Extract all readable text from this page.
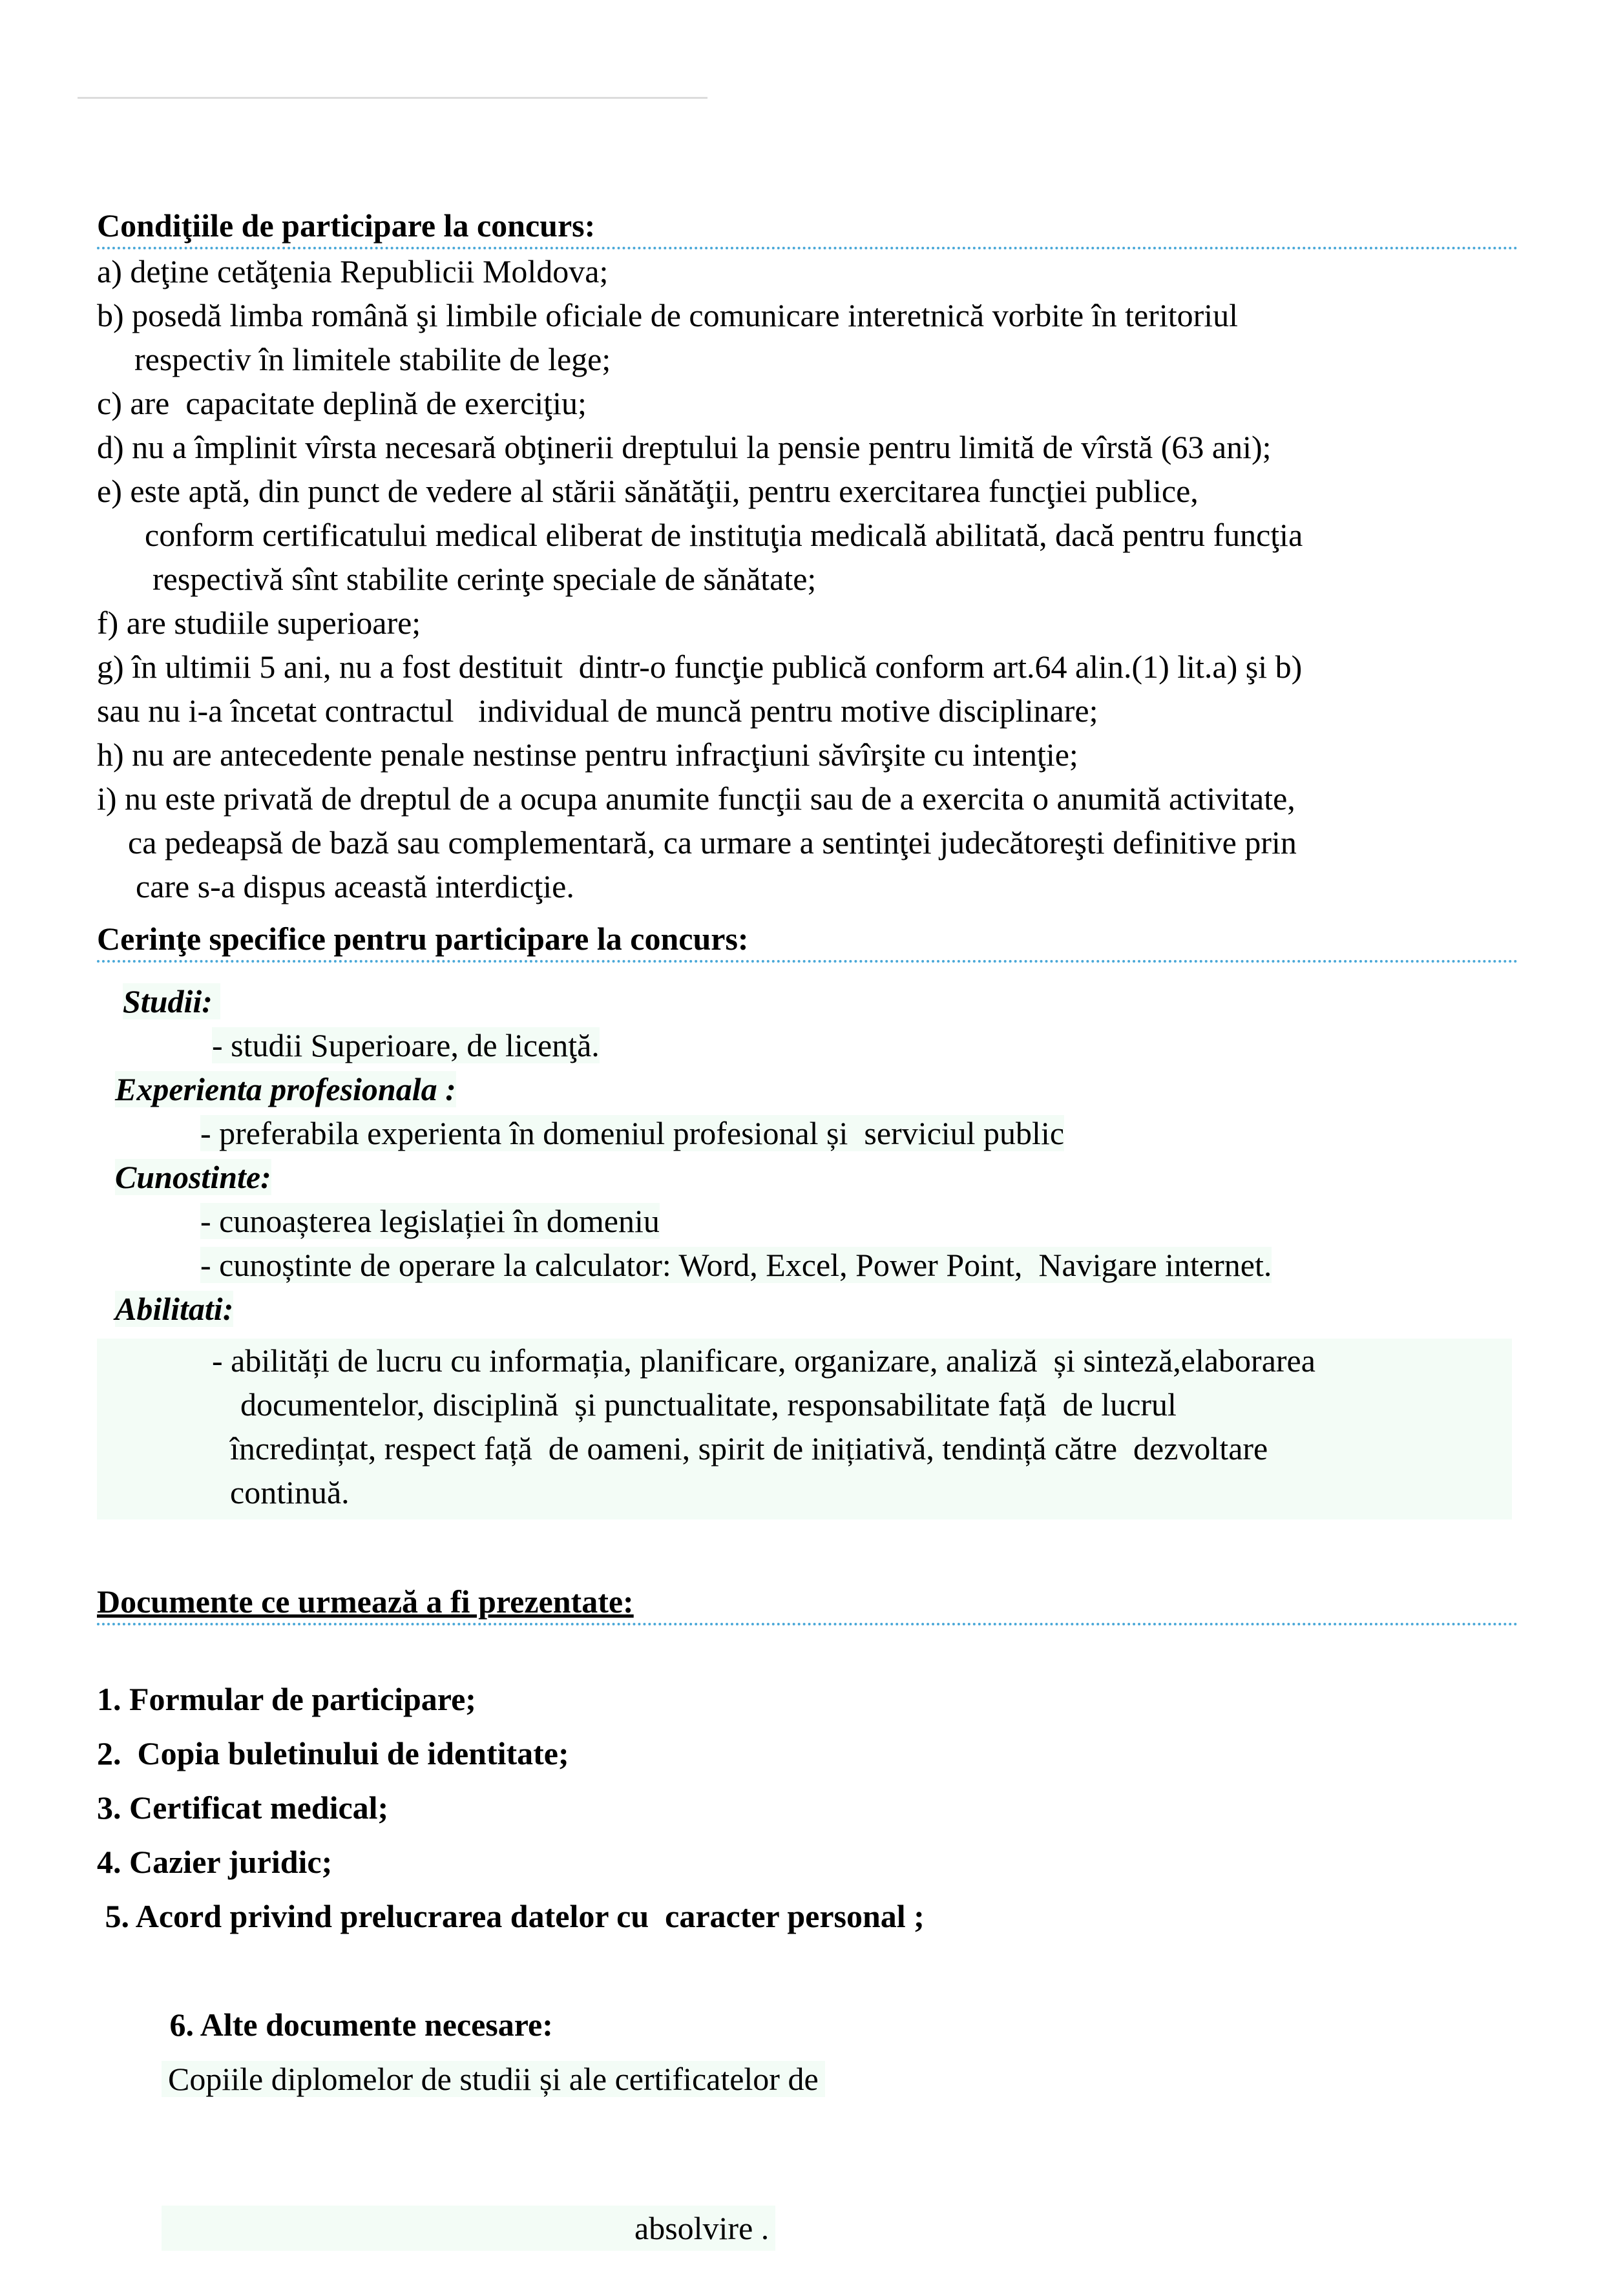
Condiţiile de participare la concurs:
a) deţine cetăţenia Republicii Moldova;
b) posedă limba română şi limbile oficiale de comunicare interetnică vorbite în teritoriul
respectiv în limitele stabilite de lege;
c) are  capacitate deplină de exerciţiu;
d) nu a împlinit vîrsta necesară obţinerii dreptului la pensie pentru limită de vîrstă (63 ani);
e) este aptă, din punct de vedere al stării sănătăţii, pentru exercitarea funcţiei publice,
conform certificatului medical eliberat de instituţia medicală abilitată, dacă pentru funcţia
respectivă sînt stabilite cerinţe speciale de sănătate;
f) are studiile superioare;
g) în ultimii 5 ani, nu a fost destituit  dintr-o funcţie publică conform art.64 alin.(1) lit.a) şi b)
sau nu i-a încetat contractul   individual de muncă pentru motive disciplinare;
h) nu are antecedente penale nestinse pentru infracţiuni săvîrşite cu intenţie;
i) nu este privată de dreptul de a ocupa anumite funcţii sau de a exercita o anumită activitate,
ca pedeapsă de bază sau complementară, ca urmare a sentinţei judecătoreşti definitive prin
care s-a dispus această interdicţie.
Cerinţe specifice pentru participare la concurs:
Studii:
- studii Superioare, de licenţă.
Experienta profesionala :
- preferabila experienta în domeniul profesional și  serviciul public
Cunostinte:
- cunoașterea legislației în domeniu
- cunoștinte de operare la calculator: Word, Excel, Power Point,  Navigare internet.
Abilitati:
- abilități de lucru cu informația, planificare, organizare, analiză  și sinteză,elaborarea
documentelor, disciplină  și punctualitate, responsabilitate față  de lucrul
încredințat, respect față  de oameni, spirit de inițiativă, tendință către  dezvoltare
continuă.
Documente ce urmează a fi prezentate:
1. Formular de participare;
2.  Copia buletinului de identitate;
3. Certificat medical;
4. Cazier juridic;
5. Acord privind prelucrarea datelor cu  caracter personal ;

6. Alte documente necesare:
Copiile diplomelor de studii și ale certificatelor de

absolvire .
